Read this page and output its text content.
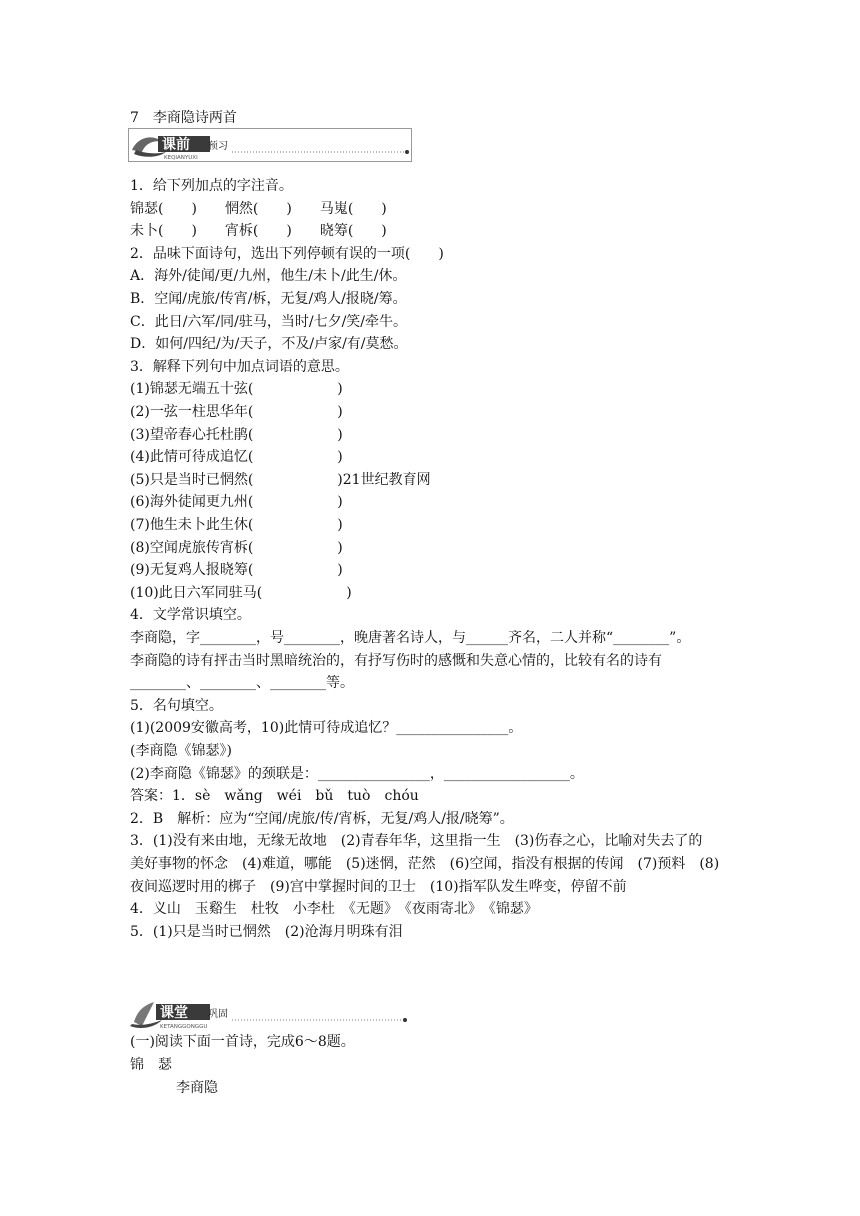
7　李商隐诗两首
课前 预习
KEQIANYUXI
1．给下列加点的字注音。
锦瑟(　　)　　惘然(　　)　　马嵬(　　)
未卜(　　)　　宵柝(　　)　　晓筹(　　)
2．品味下面诗句，选出下列停顿有误的一项(　　)
A．海外/徒闻/更/九州，他生/未卜/此生/休。
B．空闻/虎旅/传宵/柝，无复/鸡人/报晓/筹。
C．此日/六军/同/驻马，当时/七夕/笑/牵牛。
D．如何/四纪/为/天子，不及/卢家/有/莫愁。
3．解释下列句中加点词语的意思。
(1)锦瑟无端五十弦(　　　　　　)
(2)一弦一柱思华年(　　　　　　)
(3)望帝春心托杜鹃(　　　　　　)
(4)此情可待成追忆(　　　　　　)
(5)只是当时已惘然(　　　　　　)21世纪教育网
(6)海外徒闻更九州(　　　　　　)
(7)他生未卜此生休(　　　　　　)
(8)空闻虎旅传宵柝(　　　　　　)
(9)无复鸡人报晓筹(　　　　　　)
(10)此日六军同驻马(　　　　　　)
4．文学常识填空。
李商隐，字________，号________，晚唐著名诗人，与______齐名，二人并称“________”。
李商隐的诗有抨击当时黑暗统治的，有抒写伤时的感慨和失意心情的，比较有名的诗有
________、________、________等。
5．名句填空。
(1)(2009安徽高考，10)此情可待成追忆？________________。
(李商隐《锦瑟》)
(2)李商隐《锦瑟》的颈联是：________________，__________________。
答案：1．sè　wǎng　wéi　bǔ　tuò　chóu
2．B　解析：应为“空闻/虎旅/传/宵柝，无复/鸡人/报/晓筹”。
3．(1)没有来由地，无缘无故地　(2)青春年华，这里指一生　(3)伤春之心，比喻对失去了的
美好事物的怀念　(4)难道，哪能　(5)迷惘，茫然　(6)空闻，指没有根据的传闻　(7)预料　(8)
夜间巡逻时用的梆子　(9)宫中掌握时间的卫士　(10)指军队发生哗变，停留不前
4．义山　玉谿生　杜牧　小李杜　《无题》　《夜雨寄北》　《锦瑟》
5．(1)只是当时已惘然　(2)沧海月明珠有泪
课堂 巩固
KETANGGONGGU
(一)阅读下面一首诗，完成6～8题。
锦　瑟
李商隐
